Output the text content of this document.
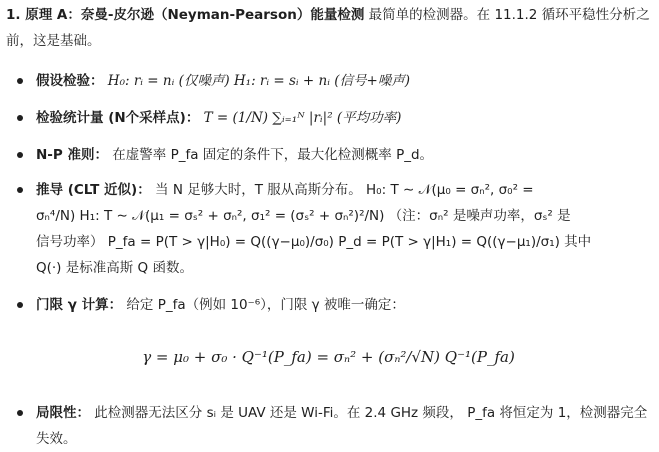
1. 原理 A：奈曼-皮尔逊（Neyman-Pearson）能量检测 最简单的检测器。在 11.1.2 循环平稳性分析之前，这是基础。
假设检验： H₀: rᵢ = nᵢ (仅噪声) H₁: rᵢ = sᵢ + nᵢ (信号+噪声)
检验统计量 (N个采样点)： T = (1/N) ∑ᵢ₌₁ᴺ |rᵢ|² (平均功率)
N-P 准则： 在虚警率 P_fa 固定的条件下，最大化检测概率 P_d。
推导 (CLT 近似)： 当 N 足够大时，T 服从高斯分布。 H₀: T ∼ 𝒩(μ₀ = σₙ², σ₀² =
σₙ⁴/N) H₁: T ∼ 𝒩(μ₁ = σₛ² + σₙ², σ₁² = (σₛ² + σₙ²)²/N) （注：σₙ² 是噪声功率，σₛ² 是
信号功率） P_fa = P(T > γ|H₀) = Q((γ−μ₀)/σ₀) P_d = P(T > γ|H₁) = Q((γ−μ₁)/σ₁) 其中
Q(·) 是标准高斯 Q 函数。
门限 γ 计算： 给定 P_fa（例如 10⁻⁶），门限 γ 被唯一确定：
γ = μ₀ + σ₀ · Q⁻¹(P_fa) = σₙ² + (σₙ²/√N) Q⁻¹(P_fa)
局限性： 此检测器无法区分 sᵢ 是 UAV 还是 Wi-Fi。在 2.4 GHz 频段， P_fa 将恒定为 1，检测器完全失效。
